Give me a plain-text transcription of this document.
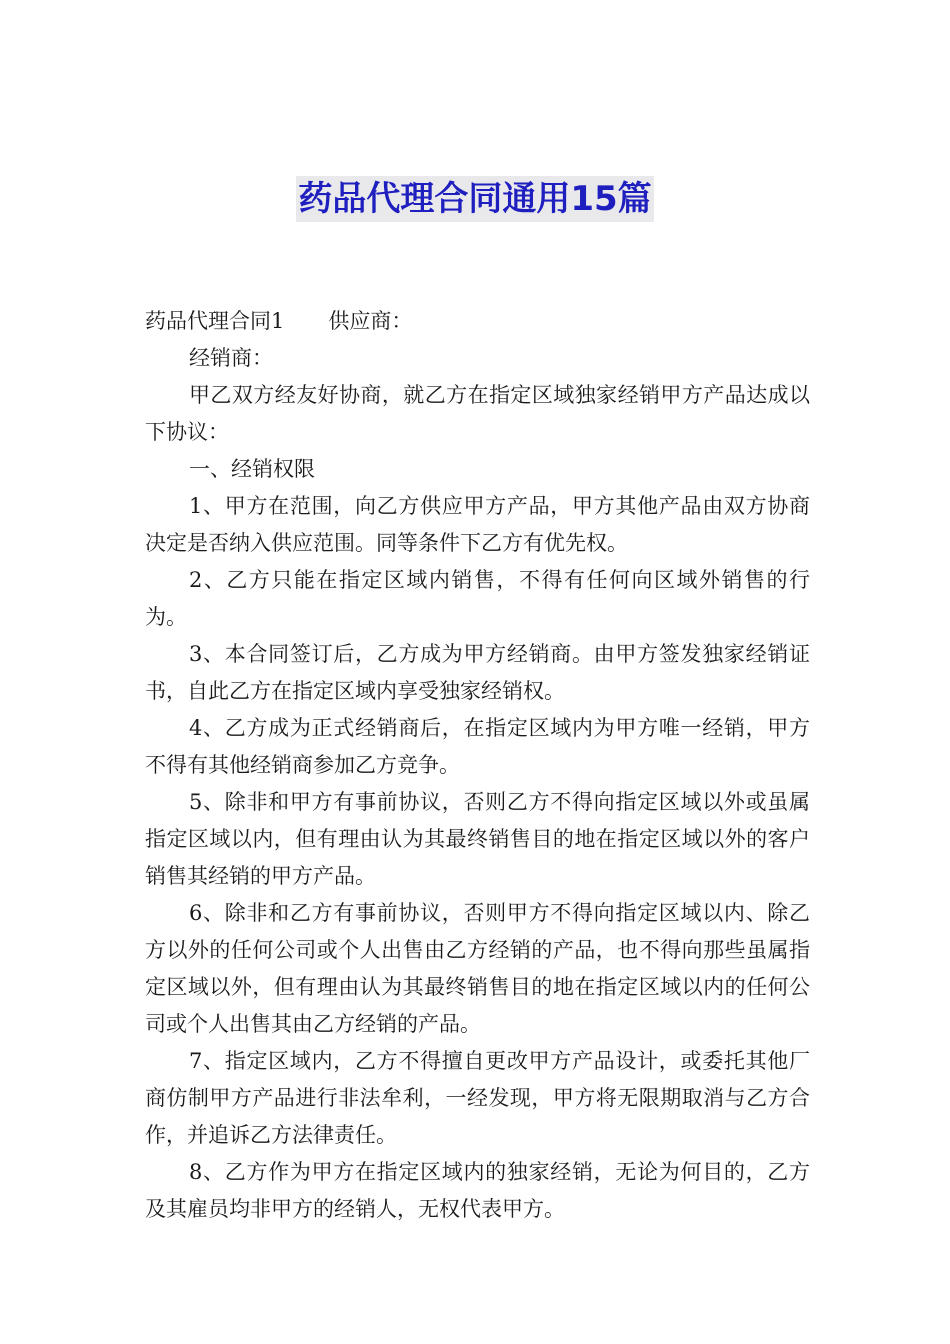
药品代理合同通用15篇

药品代理合同1 供应商：

经销商：

甲乙双方经友好协商，就乙方在指定区域独家经销甲方产品达成以下协议：

一、经销权限

1、甲方在范围，向乙方供应甲方产品，甲方其他产品由双方协商决定是否纳入供应范围。同等条件下乙方有优先权。

2、乙方只能在指定区域内销售，不得有任何向区域外销售的行为。

3、本合同签订后，乙方成为甲方经销商。由甲方签发独家经销证书，自此乙方在指定区域内享受独家经销权。

4、乙方成为正式经销商后，在指定区域内为甲方唯一经销，甲方不得有其他经销商参加乙方竞争。

5、除非和甲方有事前协议，否则乙方不得向指定区域以外或虽属指定区域以内，但有理由认为其最终销售目的地在指定区域以外的客户销售其经销的甲方产品。

6、除非和乙方有事前协议，否则甲方不得向指定区域以内、除乙方以外的任何公司或个人出售由乙方经销的产品，也不得向那些虽属指定区域以外，但有理由认为其最终销售目的地在指定区域以内的任何公司或个人出售其由乙方经销的产品。

7、指定区域内，乙方不得擅自更改甲方产品设计，或委托其他厂商仿制甲方产品进行非法牟利，一经发现，甲方将无限期取消与乙方合作，并追诉乙方法律责任。

8、乙方作为甲方在指定区域内的独家经销，无论为何目的，乙方及其雇员均非甲方的经销人，无权代表甲方。
